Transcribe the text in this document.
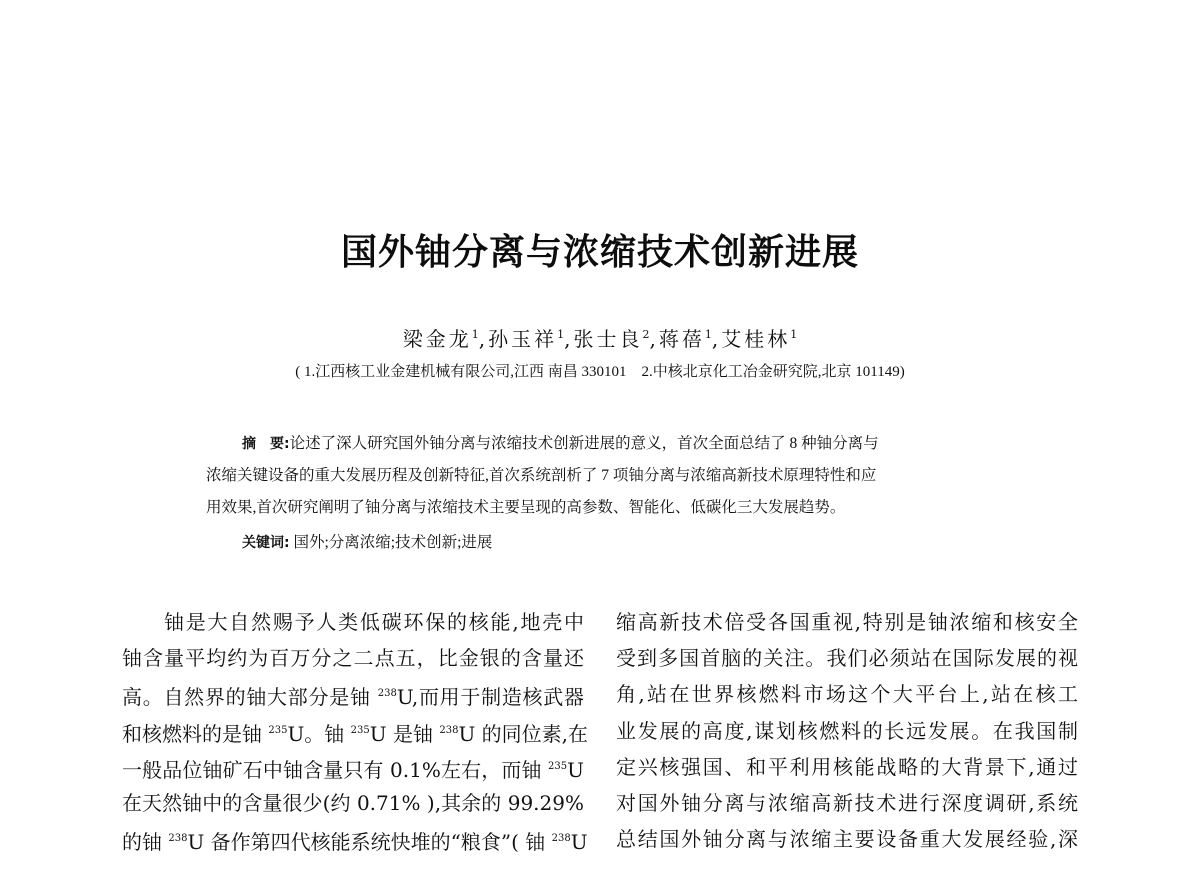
国外铀分离与浓缩技术创新进展
梁金龙$^1$,孙玉祥$^1$,张士良$^2$,蒋蓓$^1$,艾桂林$^1$
( 1.江西核工业金建机械有限公司,江西 南昌 330101　2.中核北京化工冶金研究院,北京 101149)
摘　要:论述了深人研究国外铀分离与浓缩技术创新进展的意义，首次全面总结了 8 种铀分离与
浓缩关键设备的重大发展历程及创新特征,首次系统剖析了 7 项铀分离与浓缩高新技术原理特性和应
用效果,首次研究阐明了铀分离与浓缩技术主要呈现的高参数、智能化、低碳化三大发展趋势。
关键词: 国外;分离浓缩;技术创新;进展
铀是大自然赐予人类低碳环保的核能,地壳中
铀含量平均约为百万分之二点五，比金银的含量还
高。自然界的铀大部分是铀 $^{238}$U,而用于制造核武器
和核燃料的是铀 $^{235}$U。铀 $^{235}$U 是铀 $^{238}$U 的同位素,在
一般品位铀矿石中铀含量只有 0.1%左右，而铀 $^{235}$U
在天然铀中的含量很少(约 0.71% ),其余的 99.29%
的铀 $^{238}$U 备作第四代核能系统快堆的“粮食”( 铀 $^{238}$U
缩高新技术倍受各国重视,特别是铀浓缩和核安全
受到多国首脑的关注。我们必须站在国际发展的视
角,站在世界核燃料市场这个大平台上,站在核工
业发展的高度,谋划核燃料的长远发展。在我国制
定兴核强国、和平利用核能战略的大背景下,通过
对国外铀分离与浓缩高新技术进行深度调研,系统
总结国外铀分离与浓缩主要设备重大发展经验,深
